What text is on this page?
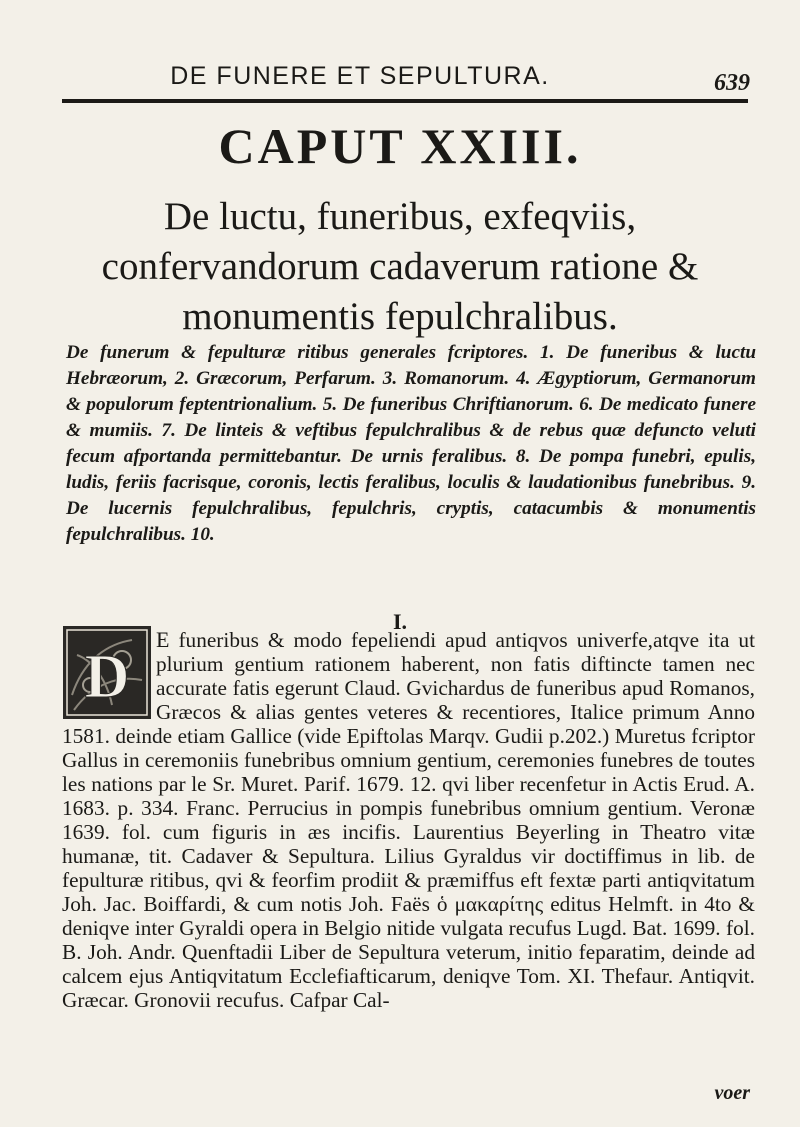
DE FUNERE ET SEPULTURA.	639
CAPUT XXIII.
De luctu, funeribus, exfeqviis, confervandorum cadaverum ratione & monumentis fepulchralibus.
De funerum & fepulturæ ritibus generales fcriptores. 1. De funeribus & luctu Hebræorum, 2. Græcorum, Perfarum. 3. Romanorum. 4. Ægyptiorum, Germanorum & populorum feptentrionalium. 5. De funeribus Chriftianorum. 6. De medicato funere & mumiis. 7. De linteis & veftibus fepulchralibus & de rebus quæ defuncto veluti fecum afportanda permittebantur. De urnis feralibus. 8. De pompa funebri, epulis, ludis, feriis facrisque, coronis, lectis feralibus, loculis & laudationibus funebribus. 9. De lucernis fepulchralibus, fepulchris, cryptis, catacumbis & monumentis fepulchralibus. 10.
I.
D
E funeribus & modo fepeliendi apud antiqvos univerfe,atqve ita ut plurium gentium rationem haberent, non fatis diftincte tamen nec accurate fatis egerunt Claud. Gvichardus de funeribus apud Romanos, Græcos & alias gentes veteres & recentiores, Italice primum Anno 1581. deinde etiam Gallice (vide Epiftolas Marqv. Gudii p.202.) Muretus fcriptor Gallus in ceremoniis funebribus omnium gentium, ceremonies funebres de toutes les nations par le Sr. Muret. Parif. 1679. 12. qvi liber recenfetur in Actis Erud. A. 1683. p. 334. Franc. Perrucius in pompis funebribus omnium gentium. Veronæ 1639. fol. cum figuris in æs incifis. Laurentius Beyerling in Theatro vitæ humanæ, tit. Cadaver & Sepultura. Lilius Gyraldus vir doctiffimus in lib. de fepulturæ ritibus, qvi & feorfim prodiit & præmiffus eft fextæ parti antiqvitatum Joh. Jac. Boiffardi, & cum notis Joh. Faës ὁ μακαρίτης editus Helmft. in 4to & deniqve inter Gyraldi opera in Belgio nitide vulgata recufus Lugd. Bat. 1699. fol. B. Joh. Andr. Quenftadii Liber de Sepultura veterum, initio feparatim, deinde ad calcem ejus Antiqvitatum Ecclefiafticarum, deniqve Tom. XI. Thefaur. Antiqvit. Græcar. Gronovii recufus. Cafpar Cal-
voer
